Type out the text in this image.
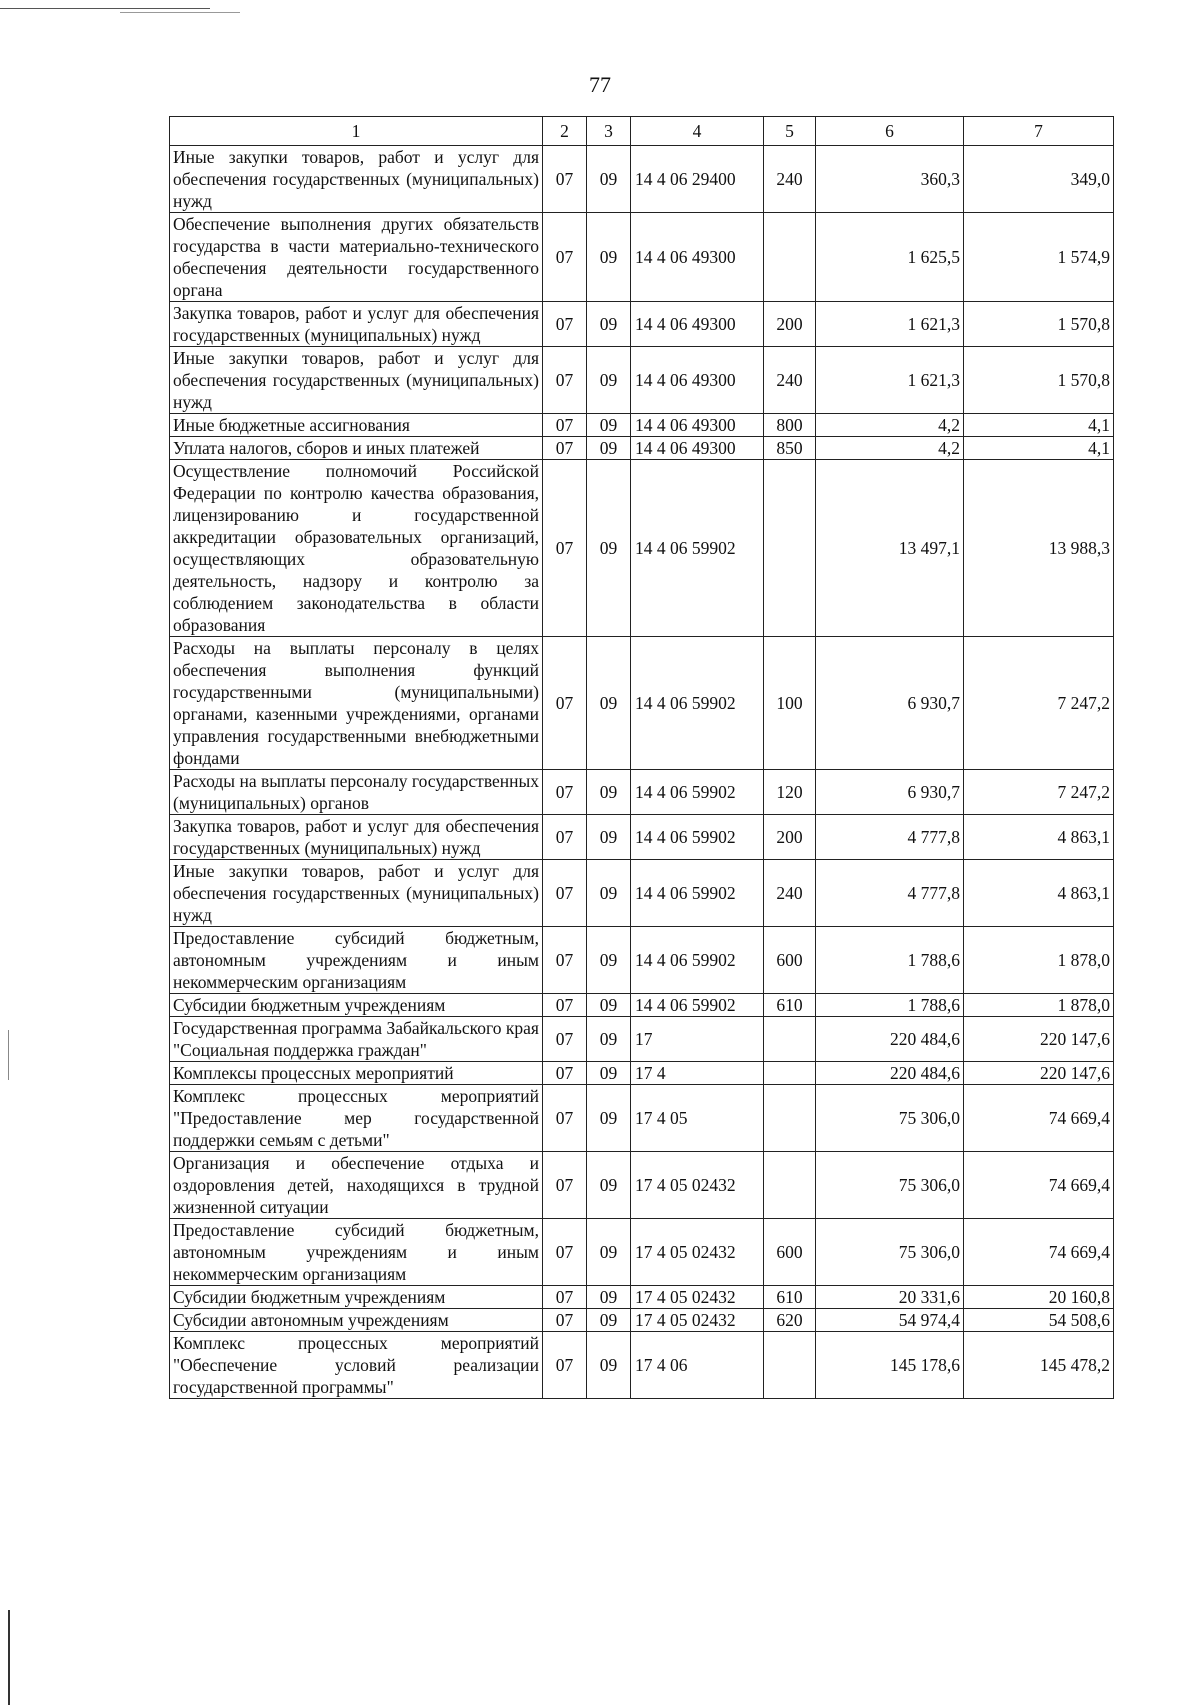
77
1	2	3	4	5	6	7
Иные закупки товаров, работ и услуг для обеспечения государственных (муниципальных) нужд	07	09	14 4 06 29400	240	360,3	349,0
Обеспечение выполнения других обязательств государства в части материально-технического обеспечения деятельности государственного органа	07	09	14 4 06 49300		1 625,5	1 574,9
Закупка товаров, работ и услуг для обеспечения государственных (муниципальных) нужд	07	09	14 4 06 49300	200	1 621,3	1 570,8
Иные закупки товаров, работ и услуг для обеспечения государственных (муниципальных) нужд	07	09	14 4 06 49300	240	1 621,3	1 570,8
Иные бюджетные ассигнования	07	09	14 4 06 49300	800	4,2	4,1
Уплата налогов, сборов и иных платежей	07	09	14 4 06 49300	850	4,2	4,1
Осуществление полномочий Российской Федерации по контролю качества образования, лицензированию и государственной аккредитации образовательных организаций, осуществляющих образовательную деятельность, надзору и контролю за соблюдением законодательства в области образования	07	09	14 4 06 59902		13 497,1	13 988,3
Расходы на выплаты персоналу в целях обеспечения выполнения функций государственными (муниципальными) органами, казенными учреждениями, органами управления государственными внебюджетными фондами	07	09	14 4 06 59902	100	6 930,7	7 247,2
Расходы на выплаты персоналу государственных (муниципальных) органов	07	09	14 4 06 59902	120	6 930,7	7 247,2
Закупка товаров, работ и услуг для обеспечения государственных (муниципальных) нужд	07	09	14 4 06 59902	200	4 777,8	4 863,1
Иные закупки товаров, работ и услуг для обеспечения государственных (муниципальных) нужд	07	09	14 4 06 59902	240	4 777,8	4 863,1
Предоставление субсидий бюджетным, автономным учреждениям и иным некоммерческим организациям	07	09	14 4 06 59902	600	1 788,6	1 878,0
Субсидии бюджетным учреждениям	07	09	14 4 06 59902	610	1 788,6	1 878,0
Государственная программа Забайкальского края "Социальная поддержка граждан"	07	09	17		220 484,6	220 147,6
Комплексы процессных мероприятий	07	09	17 4		220 484,6	220 147,6
Комплекс процессных мероприятий "Предоставление мер государственной поддержки семьям с детьми"	07	09	17 4 05		75 306,0	74 669,4
Организация и обеспечение отдыха и оздоровления детей, находящихся в трудной жизненной ситуации	07	09	17 4 05 02432		75 306,0	74 669,4
Предоставление субсидий бюджетным, автономным учреждениям и иным некоммерческим организациям	07	09	17 4 05 02432	600	75 306,0	74 669,4
Субсидии бюджетным учреждениям	07	09	17 4 05 02432	610	20 331,6	20 160,8
Субсидии автономным учреждениям	07	09	17 4 05 02432	620	54 974,4	54 508,6
Комплекс процессных мероприятий "Обеспечение условий реализации государственной программы"	07	09	17 4 06		145 178,6	145 478,2
